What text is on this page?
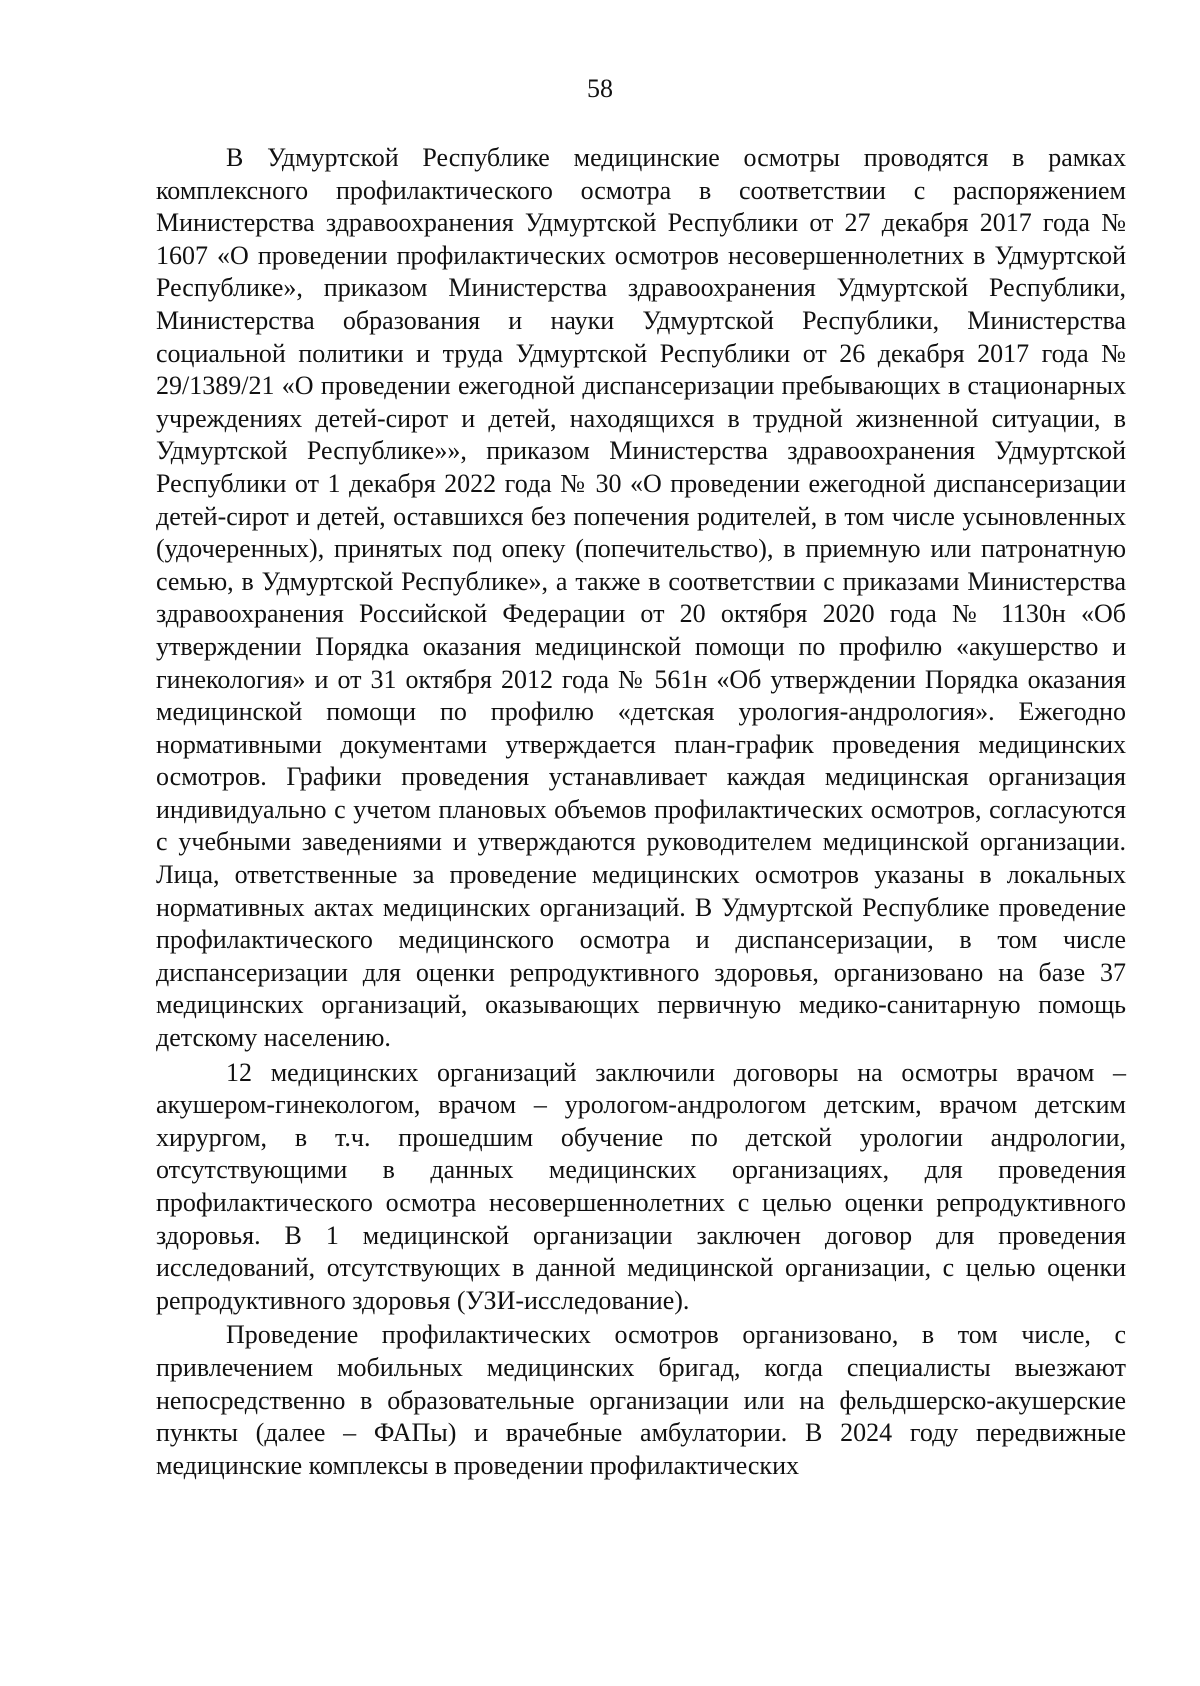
58

В Удмуртской Республике медицинские осмотры проводятся в рамках комплексного профилактического осмотра в соответствии с распоряжением Министерства здравоохранения Удмуртской Республики от 27 декабря 2017 года № 1607 «О проведении профилактических осмотров несовершеннолетних в Удмуртской Республике», приказом Министерства здравоохранения Удмуртской Республики, Министерства образования и науки Удмуртской Республики, Министерства социальной политики и труда Удмуртской Республики от 26 декабря 2017 года № 29/1389/21 «О проведении ежегодной диспансеризации пребывающих в стационарных учреждениях детей-сирот и детей, находящихся в трудной жизненной ситуации, в Удмуртской Республике»», приказом Министерства здравоохранения Удмуртской Республики от 1 декабря 2022 года № 30 «О проведении ежегодной диспансеризации детей-сирот и детей, оставшихся без попечения родителей, в том числе усыновленных (удочеренных), принятых под опеку (попечительство), в приемную или патронатную семью, в Удмуртской Республике», а также в соответствии с приказами Министерства здравоохранения Российской Федерации от 20 октября 2020 года № 1130н «Об утверждении Порядка оказания медицинской помощи по профилю «акушерство и гинекология» и от 31 октября 2012 года № 561н «Об утверждении Порядка оказания медицинской помощи по профилю «детская урология-андрология». Ежегодно нормативными документами утверждается план-график проведения медицинских осмотров. Графики проведения устанавливает каждая медицинская организация индивидуально с учетом плановых объемов профилактических осмотров, согласуются с учебными заведениями и утверждаются руководителем медицинской организации. Лица, ответственные за проведение медицинских осмотров указаны в локальных нормативных актах медицинских организаций. В Удмуртской Республике проведение профилактического медицинского осмотра и диспансеризации, в том числе диспансеризации для оценки репродуктивного здоровья, организовано на базе 37 медицинских организаций, оказывающих первичную медико-санитарную помощь детскому населению.

12 медицинских организаций заключили договоры на осмотры врачом – акушером-гинекологом, врачом – урологом-андрологом детским, врачом детским хирургом, в т.ч. прошедшим обучение по детской урологии андрологии, отсутствующими в данных медицинских организациях, для проведения профилактического осмотра несовершеннолетних с целью оценки репродуктивного здоровья. В 1 медицинской организации заключен договор для проведения исследований, отсутствующих в данной медицинской организации, с целью оценки репродуктивного здоровья (УЗИ-исследование).

Проведение профилактических осмотров организовано, в том числе, с привлечением мобильных медицинских бригад, когда специалисты выезжают непосредственно в образовательные организации или на фельдшерско-акушерские пункты (далее – ФАПы) и врачебные амбулатории. В 2024 году передвижные медицинские комплексы в проведении профилактических
